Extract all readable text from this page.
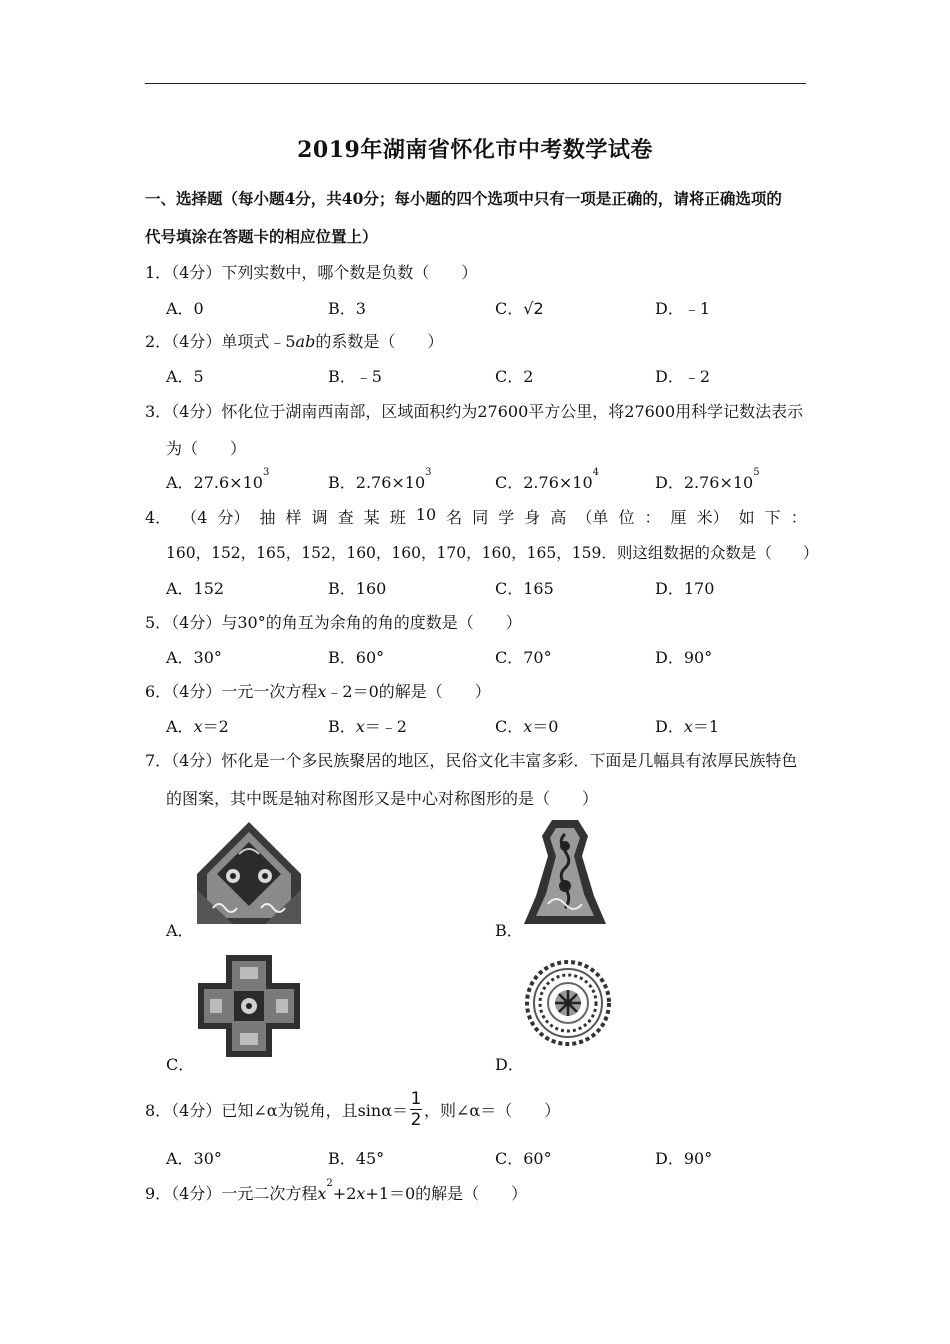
2019年湖南省怀化市中考数学试卷
一、选择题（每小题4分，共40分；每小题的四个选项中只有一项是正确的，请将正确选项的
代号填涂在答题卡的相应位置上）
1．（4分）下列实数中，哪个数是负数（　　）
A．0	B．3	C．√2	D．﹣1
2．（4分）单项式﹣5ab的系数是（　　）
A．5	B．﹣5	C．2	D．﹣2
3．（4分）怀化位于湖南西南部，区域面积约为27600平方公里，将27600用科学记数法表示
为（　　）
A．$27.6\times 10^3$
B．$2.76\times 10^3$
C．$2.76\times 10^4$
D．$2.76\times 10^5$
4． （4 分） 抽 样 调 查 某 班 10 名 同 学 身 高 （单 位 ： 厘 米） 如 下 ：
160，152，165，152，160，160，170，160，165，159．则这组数据的众数是（　　）
A．152	B．160	C．165	D．170
5．（4分）与30°的角互为余角的角的度数是（　　）
A．30°	B．60°	C．70°	D．90°
6．（4分）一元一次方程x﹣2＝0的解是（　　）
A．x＝2	B．x＝﹣2	C．x＝0	D．x＝1
7．（4分）怀化是一个多民族聚居的地区，民俗文化丰富多彩．下面是几幅具有浓厚民族特色
的图案，其中既是轴对称图形又是中心对称图形的是（　　）
A．	B．
C．	D．
8．（4分）已知∠α为锐角，且$\sin\alpha= \frac{1}{2}$ ，则∠α＝（　　）
A．30°	B．45°	C．60°	D．90°
9．（4分）一元二次方程$x^2+2x+1=0$的解是（　　）
